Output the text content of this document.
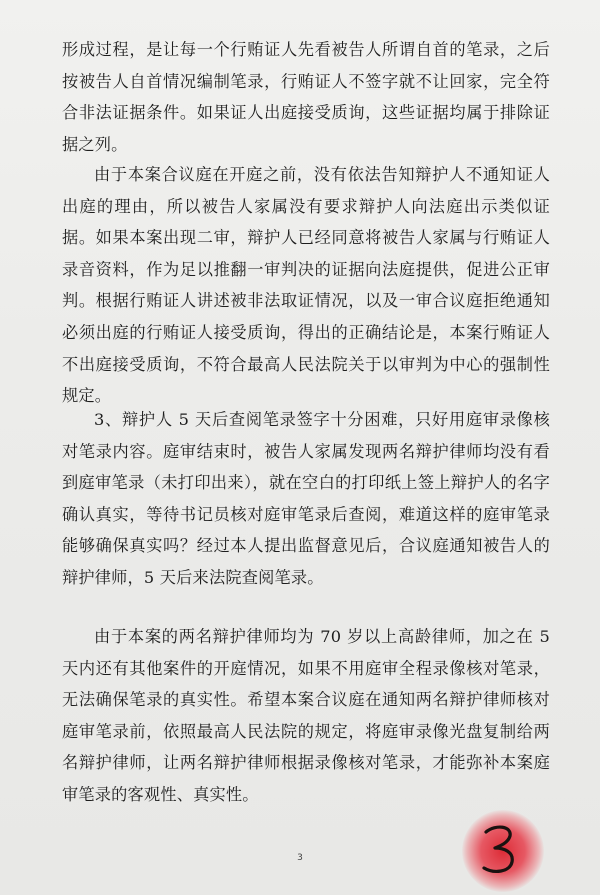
形成过程，是让每一个行贿证人先看被告人所谓自首的笔录，之后按被告人自首情况编制笔录，行贿证人不签字就不让回家，完全符合非法证据条件。如果证人出庭接受质询，这些证据均属于排除证据之列。
由于本案合议庭在开庭之前，没有依法告知辩护人不通知证人出庭的理由，所以被告人家属没有要求辩护人向法庭出示类似证据。如果本案出现二审，辩护人已经同意将被告人家属与行贿证人录音资料，作为足以推翻一审判决的证据向法庭提供，促进公正审判。根据行贿证人讲述被非法取证情况，以及一审合议庭拒绝通知必须出庭的行贿证人接受质询，得出的正确结论是，本案行贿证人不出庭接受质询，不符合最高人民法院关于以审判为中心的强制性规定。
3、辩护人 5 天后查阅笔录签字十分困难，只好用庭审录像核对笔录内容。庭审结束时，被告人家属发现两名辩护律师均没有看到庭审笔录（未打印出来），就在空白的打印纸上签上辩护人的名字确认真实，等待书记员核对庭审笔录后查阅，难道这样的庭审笔录能够确保真实吗？经过本人提出监督意见后，合议庭通知被告人的辩护律师，5 天后来法院查阅笔录。
由于本案的两名辩护律师均为 70 岁以上高龄律师，加之在 5 天内还有其他案件的开庭情况，如果不用庭审全程录像核对笔录，无法确保笔录的真实性。希望本案合议庭在通知两名辩护律师核对庭审笔录前，依照最高人民法院的规定，将庭审录像光盘复制给两名辩护律师，让两名辩护律师根据录像核对笔录，才能弥补本案庭审笔录的客观性、真实性。
3
